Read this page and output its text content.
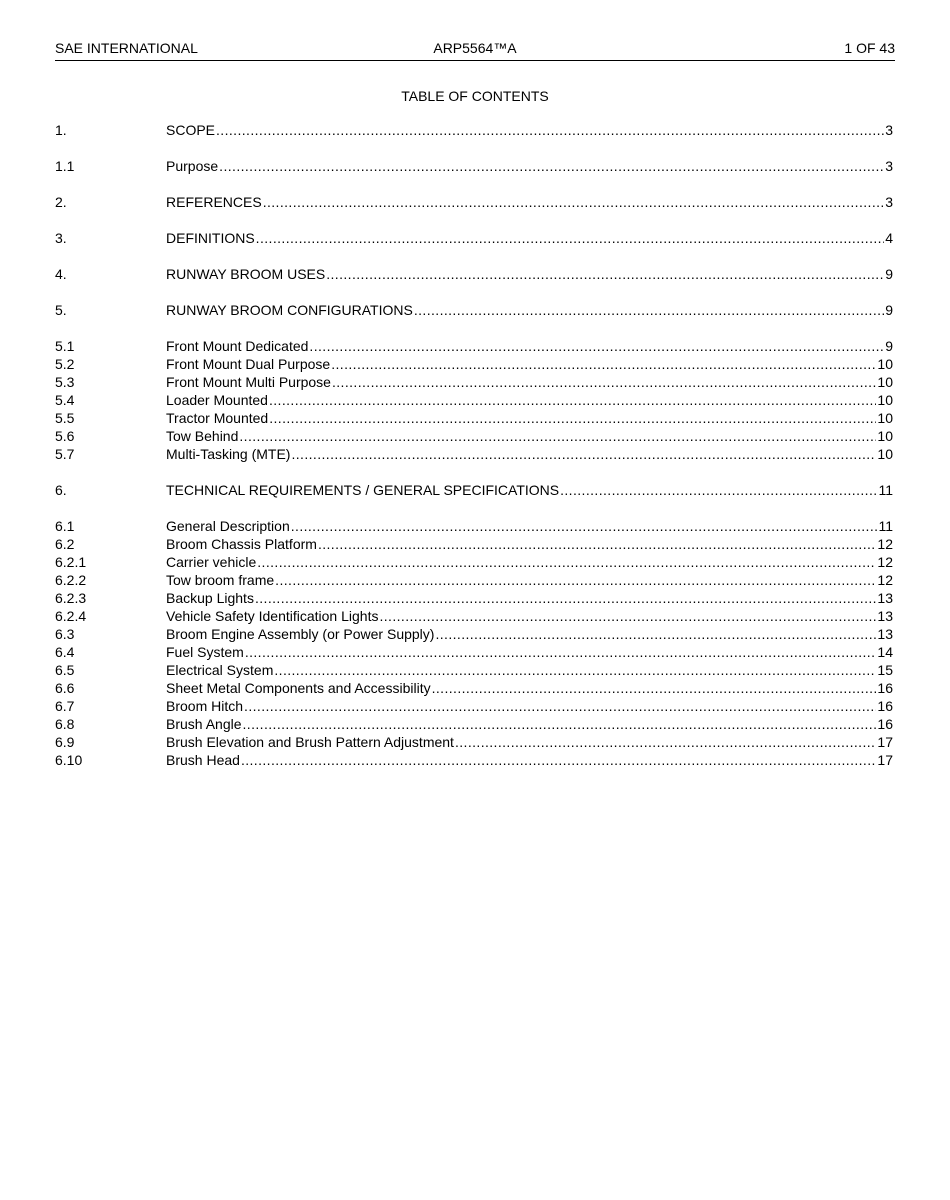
SAE INTERNATIONAL	ARP5564™A	1 OF 43
TABLE OF CONTENTS
1.	SCOPE .....	3
1.1	Purpose .....	3
2.	REFERENCES .....	3
3.	DEFINITIONS .....	4
4.	RUNWAY BROOM USES .....	9
5.	RUNWAY BROOM CONFIGURATIONS .....	9
5.1	Front Mount Dedicated .....	9
5.2	Front Mount Dual Purpose .....	10
5.3	Front Mount Multi Purpose .....	10
5.4	Loader Mounted .....	10
5.5	Tractor Mounted .....	10
5.6	Tow Behind .....	10
5.7	Multi-Tasking (MTE) .....	10
6.	TECHNICAL REQUIREMENTS / GENERAL SPECIFICATIONS .....	11
6.1	General Description .....	11
6.2	Broom Chassis Platform .....	12
6.2.1	Carrier vehicle .....	12
6.2.2	Tow broom frame .....	12
6.2.3	Backup Lights .....	13
6.2.4	Vehicle Safety Identification Lights .....	13
6.3	Broom Engine Assembly (or Power Supply) .....	13
6.4	Fuel System .....	14
6.5	Electrical System .....	15
6.6	Sheet Metal Components and Accessibility .....	16
6.7	Broom Hitch .....	16
6.8	Brush Angle .....	16
6.9	Brush Elevation and Brush Pattern Adjustment .....	17
6.10	Brush Head .....	17
